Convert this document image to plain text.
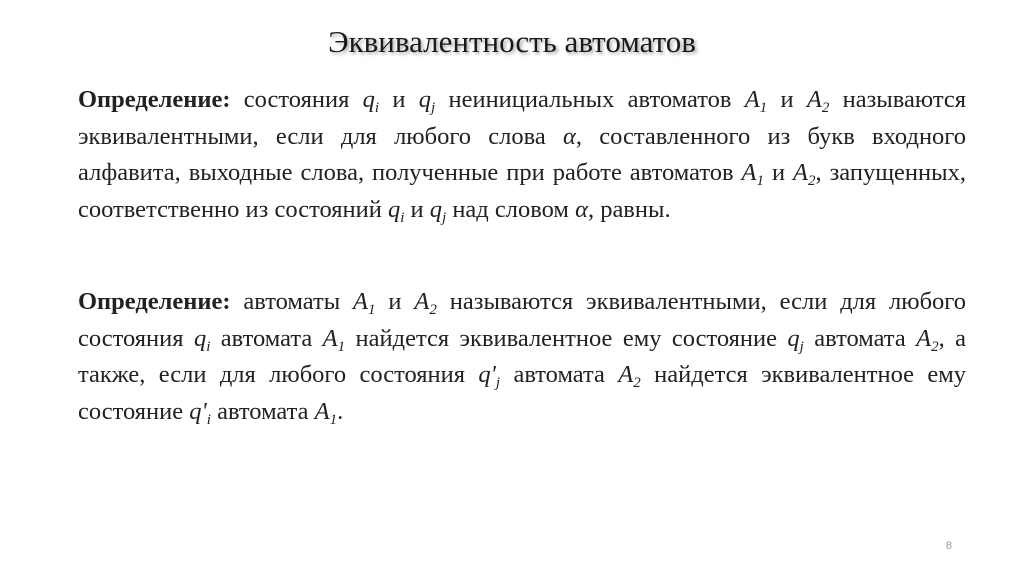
Эквивалентность автоматов
Определение: состояния $q_i$ и $q_j$ неинициальных автоматов $A_1$ и $A_2$ называются эквивалентными, если для любого слова α, составленного из букв входного алфавита, выходные слова, полученные при работе автоматов $A_1$ и $A_2$, запущенных, соответственно из состояний $q_i$ и $q_j$ над словом α, равны.
Определение: автоматы $A_1$ и $A_2$ называются эквивалентными, если для любого состояния $q_i$ автомата $A_1$ найдется эквивалентное ему состояние $q_j$ автомата $A_2$, а также, если для любого состояния $q'_j$ автомата $A_2$ найдется эквивалентное ему состояние $q'_i$ автомата $A_1$.
8
